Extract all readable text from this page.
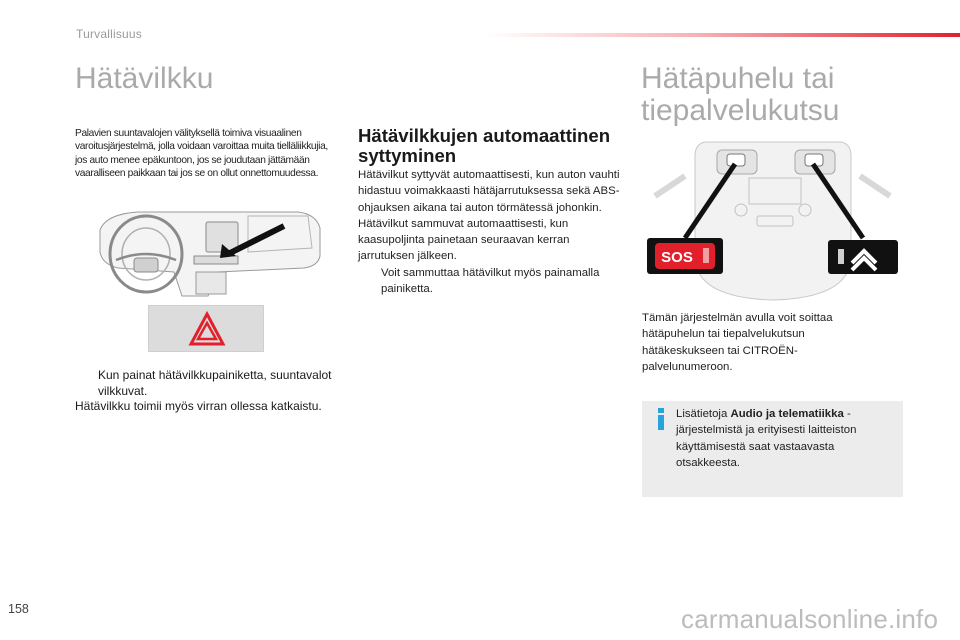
Turvallisuus
Hätävilkku

Palavien suuntavalojen välityksellä toimiva visuaalinen varoitusjärjestelmä, jolla voidaan varoittaa muita tielläliikkujia, jos auto menee epäkuntoon, jos se joudutaan jättämään vaaralliseen paikkaan tai jos se on ollut onnettomuudessa.

Kun painat hätävilkkupainiketta, suuntavalot vilkkuvat.
Hätävilkku toimii myös virran ollessa katkaistu.
Hätävilkkujen automaattinen syttyminen

Hätävilkut syttyvät automaattisesti, kun auton vauhti hidastuu voimakkaasti hätäjarrutuksessa sekä ABS-ohjauksen aikana tai auton törmätessä johonkin.

Hätävilkut sammuvat automaattisesti, kun kaasupoljinta painetaan seuraavan kerran jarrutuksen jälkeen.

Voit sammuttaa hätävilkut myös painamalla painiketta.
Hätäpuhelu tai tiepalvelukutsu
SOS

Tämän järjestelmän avulla voit soittaa hätäpuhelun tai tiepalvelukutsun hätäkeskukseen tai CITROËN-palvelunumeroon.

Lisätietoja Audio ja telematiikka -järjestelmistä ja erityisesti laitteiston käyttämisestä saat vastaavasta otsakkeesta.

158	carmanualsonline.info
